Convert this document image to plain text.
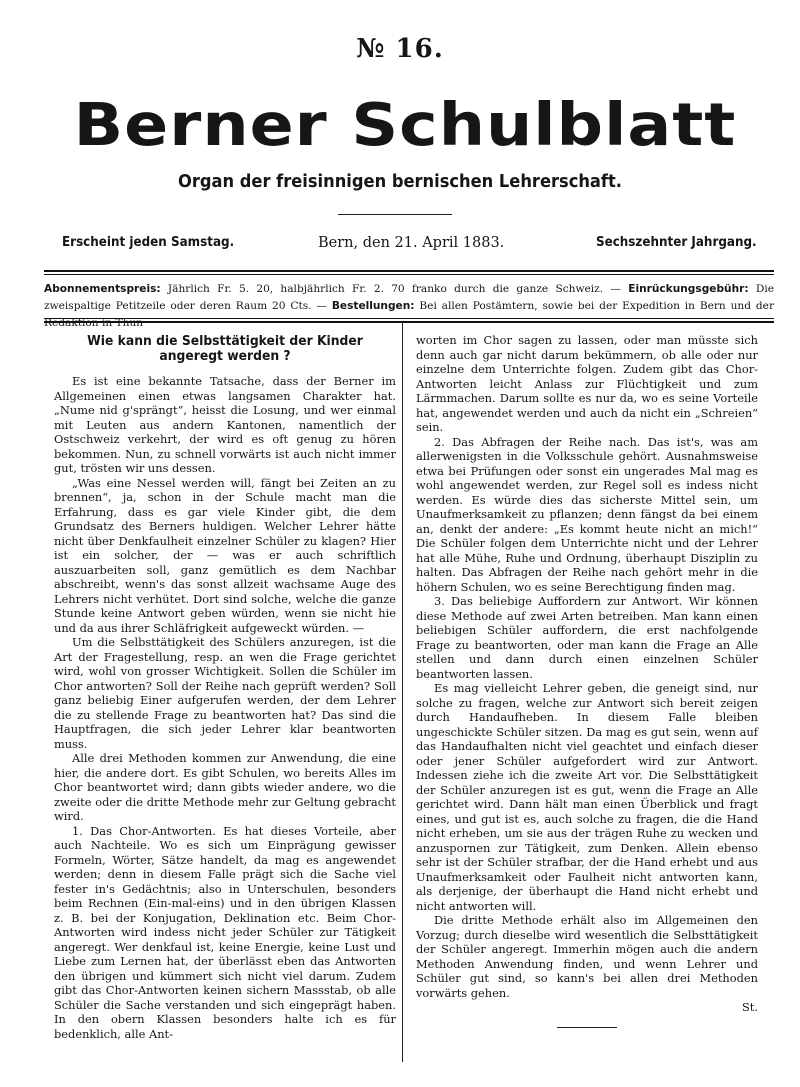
№ 16.
Berner Schulblatt
Organ der freisinnigen bernischen Lehrerschaft.
Erscheint jeden Samstag.	Bern, den 21. April 1883.	Sechszehnter Jahrgang.
Abonnementspreis: Jährlich Fr. 5. 20, halbjährlich Fr. 2. 70 franko durch die ganze Schweiz. — Einrückungsgebühr: Die zweispaltige Petitzeile oder deren Raum 20 Cts. — Bestellungen: Bei allen Postämtern, sowie bei der Expedition in Bern und der Redaktion in Thun
Wie kann die Selbsttätigkeit der Kinder angeregt werden ?

Es ist eine bekannte Tatsache, dass der Berner im Allgemeinen einen etwas langsamen Charakter hat. „Nume nid g'sprängt“, heisst die Losung, und wer einmal mit Leuten aus andern Kantonen, namentlich der Ostschweiz verkehrt, der wird es oft genug zu hören bekommen. Nun, zu schnell vorwärts ist auch nicht immer gut, trösten wir uns dessen.

„Was eine Nessel werden will, fängt bei Zeiten an zu brennen“, ja, schon in der Schule macht man die Erfahrung, dass es gar viele Kinder gibt, die dem Grundsatz des Berners huldigen. Welcher Lehrer hätte nicht über Denkfaulheit einzelner Schüler zu klagen? Hier ist ein solcher, der — was er auch schriftlich auszuarbeiten soll, ganz gemütlich es dem Nachbar abschreibt, wenn's das sonst allzeit wachsame Auge des Lehrers nicht verhütet. Dort sind solche, welche die ganze Stunde keine Antwort geben würden, wenn sie nicht hie und da aus ihrer Schläfrigkeit aufgeweckt würden. —

Um die Selbsttätigkeit des Schülers anzuregen, ist die Art der Fragestellung, resp. an wen die Frage gerichtet wird, wohl von grosser Wichtigkeit. Sollen die Schüler im Chor antworten? Soll der Reihe nach geprüft werden? Soll ganz beliebig Einer aufgerufen werden, der dem Lehrer die zu stellende Frage zu beantworten hat? Das sind die Hauptfragen, die sich jeder Lehrer klar beantworten muss.

Alle drei Methoden kommen zur Anwendung, die eine hier, die andere dort. Es gibt Schulen, wo bereits Alles im Chor beantwortet wird; dann gibts wieder andere, wo die zweite oder die dritte Methode mehr zur Geltung gebracht wird.

1. Das Chor-Antworten. Es hat dieses Vorteile, aber auch Nachteile. Wo es sich um Einprägung gewisser Formeln, Wörter, Sätze handelt, da mag es angewendet werden; denn in diesem Falle prägt sich die Sache viel fester in's Gedächtnis; also in Unterschulen, besonders beim Rechnen (Ein-mal-eins) und in den übrigen Klassen z. B. bei der Konjugation, Deklination etc. Beim Chor-Antworten wird indess nicht jeder Schüler zur Tätigkeit angeregt. Wer denkfaul ist, keine Energie, keine Lust und Liebe zum Lernen hat, der überlässt eben das Antworten den übrigen und kümmert sich nicht viel darum. Zudem gibt das Chor-Antworten keinen sichern Massstab, ob alle Schüler die Sache verstanden und sich eingeprägt haben. In den obern Klassen besonders halte ich es für bedenklich, alle Ant-

worten im Chor sagen zu lassen, oder man müsste sich denn auch gar nicht darum bekümmern, ob alle oder nur einzelne dem Unterrichte folgen. Zudem gibt das Chor-Antworten leicht Anlass zur Flüchtigkeit und zum Lärmmachen. Darum sollte es nur da, wo es seine Vorteile hat, angewendet werden und auch da nicht ein „Schreien“ sein.

2. Das Abfragen der Reihe nach. Das ist's, was am allerwenigsten in die Volksschule gehört. Ausnahmsweise etwa bei Prüfungen oder sonst ein ungerades Mal mag es wohl angewendet werden, zur Regel soll es indess nicht werden. Es würde dies das sicherste Mittel sein, um Unaufmerksamkeit zu pflanzen; denn fängst da bei einem an, denkt der andere: „Es kommt heute nicht an mich!“ Die Schüler folgen dem Unterrichte nicht und der Lehrer hat alle Mühe, Ruhe und Ordnung, überhaupt Disziplin zu halten. Das Abfragen der Reihe nach gehört mehr in die höhern Schulen, wo es seine Berechtigung finden mag.

3. Das beliebige Auffordern zur Antwort. Wir können diese Methode auf zwei Arten betreiben. Man kann einen beliebigen Schüler auffordern, die erst nachfolgende Frage zu beantworten, oder man kann die Frage an Alle stellen und dann durch einen einzelnen Schüler beantworten lassen.

Es mag vielleicht Lehrer geben, die geneigt sind, nur solche zu fragen, welche zur Antwort sich bereit zeigen durch Handaufheben. In diesem Falle bleiben ungeschickte Schüler sitzen. Da mag es gut sein, wenn auf das Handaufhalten nicht viel geachtet und einfach dieser oder jener Schüler aufgefordert wird zur Antwort. Indessen ziehe ich die zweite Art vor. Die Selbsttätigkeit der Schüler anzuregen ist es gut, wenn die Frage an Alle gerichtet wird. Dann hält man einen Überblick und fragt eines, und gut ist es, auch solche zu fragen, die die Hand nicht erheben, um sie aus der trägen Ruhe zu wecken und anzuspornen zur Tätigkeit, zum Denken. Allein ebenso sehr ist der Schüler strafbar, der die Hand erhebt und aus Unaufmerksamkeit oder Faulheit nicht antworten kann, als derjenige, der überhaupt die Hand nicht erhebt und nicht antworten will.

Die dritte Methode erhält also im Allgemeinen den Vorzug; durch dieselbe wird wesentlich die Selbsttätigkeit der Schüler angeregt. Immerhin mögen auch die andern Methoden Anwendung finden, und wenn Lehrer und Schüler gut sind, so kann's bei allen drei Methoden vorwärts gehen.

St.
